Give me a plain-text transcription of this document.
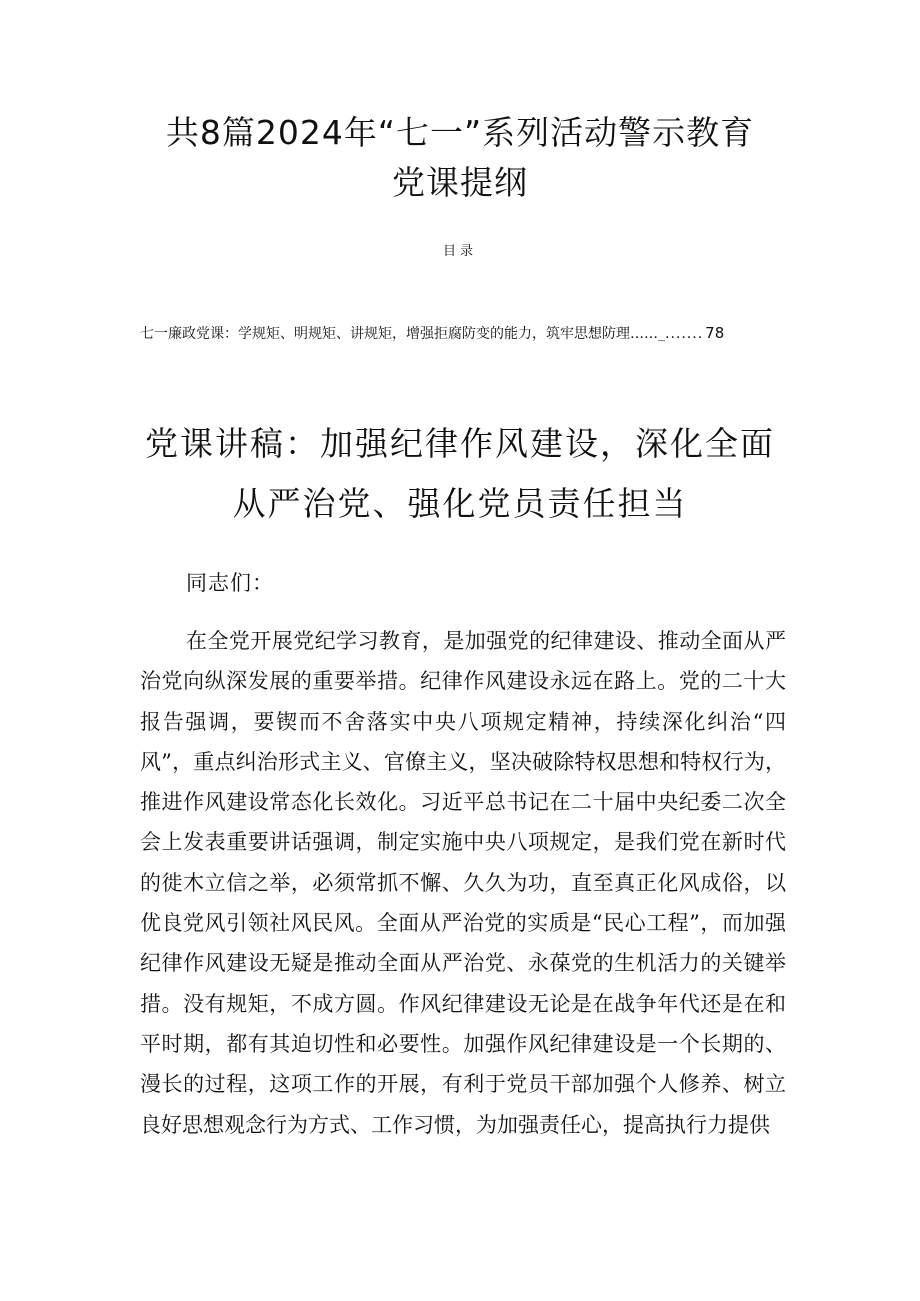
共8篇2024年“七一”系列活动警示教育
党课提纲
目录
七一廉政党课：学规矩、明规矩、讲规矩，增强拒腐防变的能力，筑牢思想防理……_ ....... 78
党课讲稿：加强纪律作风建设，深化全面
从严治党、强化党员责任担当
同志们：

在全党开展党纪学习教育，是加强党的纪律建设、推动全面从严治党向纵深发展的重要举措。纪律作风建设永远在路上。党的二十大报告强调，要锲而不舍落实中央八项规定精神，持续深化纠治“四风”，重点纠治形式主义、官僚主义，坚决破除特权思想和特权行为，推进作风建设常态化长效化。习近平总书记在二十届中央纪委二次全会上发表重要讲话强调，制定实施中央八项规定，是我们党在新时代的徙木立信之举，必须常抓不懈、久久为功，直至真正化风成俗，以优良党风引领社风民风。全面从严治党的实质是“民心工程”，而加强纪律作风建设无疑是推动全面从严治党、永葆党的生机活力的关键举措。没有规矩，不成方圆。作风纪律建设无论是在战争年代还是在和平时期，都有其迫切性和必要性。加强作风纪律建设是一个长期的、漫长的过程，这项工作的开展，有利于党员干部加强个人修养、树立良好思想观念行为方式、工作习惯，为加强责任心，提高执行力提供
